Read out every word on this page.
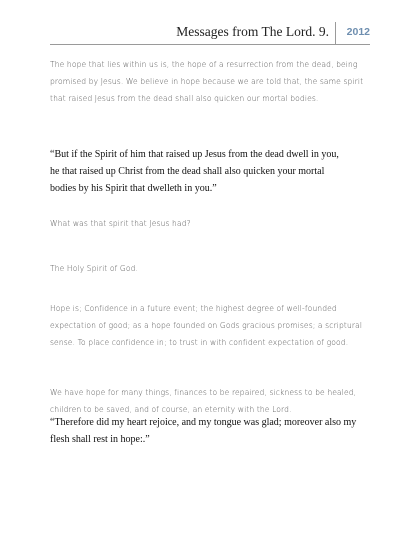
Messages from The Lord. 9. 2012

The hope that lies within us is, the hope of a resurrection from the dead, being promised by Jesus. We believe in hope because we are told that, the same spirit that raised Jesus from the dead shall also quicken our mortal bodies.

“But if the Spirit of him that raised up Jesus from the dead dwell in you,
he that raised up Christ from the dead shall also quicken your mortal
bodies by his Spirit that dwelleth in you.”

What was that spirit that Jesus had?

The Holy Spirit of God.

Hope is; Confidence in a future event; the highest degree of well-founded expectation of good; as a hope founded on Gods gracious promises; a scriptural sense. To place confidence in; to trust in with confident expectation of good.

We have hope for many things, finances to be repaired, sickness to be healed, children to be saved, and of course, an eternity with the Lord.

“Therefore did my heart rejoice, and my tongue was glad; moreover also my flesh shall rest in hope:.”
